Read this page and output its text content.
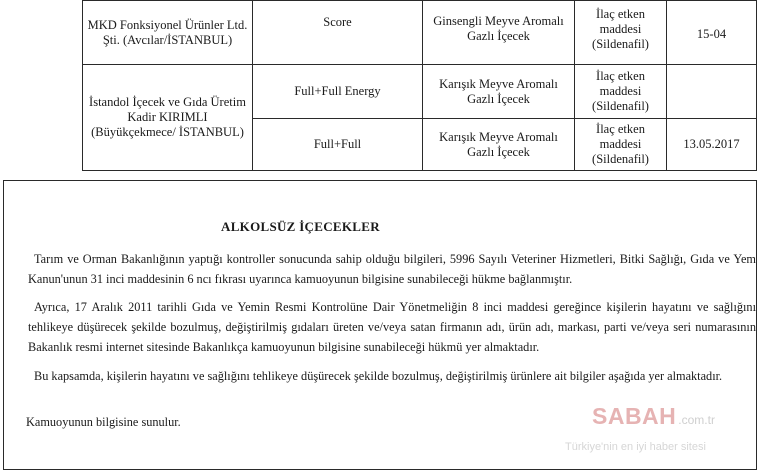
MKD Fonksiyonel Ürünler Ltd. Şti. (Avcılar/İSTANBUL)	Score	Ginsengli Meyve Aromalı Gazlı İçecek	İlaç etken maddesi (Sildenafil)	15-04
İstandol İçecek ve Gıda Üretim Kadir KIRIMLI (Büyükçekmece/ İSTANBUL)	Full+Full Energy	Karışık Meyve Aromalı Gazlı İçecek	İlaç etken maddesi (Sildenafil)	
	Full+Full	Karışık Meyve Aromalı Gazlı İçecek	İlaç etken maddesi (Sildenafil)	13.05.2017
ALKOLSÜZ İÇECEKLER
Tarım ve Orman Bakanlığının yaptığı kontroller sonucunda sahip olduğu bilgileri, 5996 Sayılı Veteriner Hizmetleri, Bitki Sağlığı, Gıda ve Yem Kanun'unun 31 inci maddesinin 6 ncı fıkrası uyarınca kamuoyunun bilgisine sunabileceği hükme bağlanmıştır.
Ayrıca, 17 Aralık 2011 tarihli Gıda ve Yemin Resmi Kontrolüne Dair Yönetmeliğin 8 inci maddesi gereğince kişilerin hayatını ve sağlığını tehlikeye düşürecek şekilde bozulmuş, değiştirilmiş gıdaları üreten ve/veya satan firmanın adı, ürün adı, markası, parti ve/veya seri numarasının Bakanlık resmi internet sitesinde Bakanlıkça kamuoyunun bilgisine sunabileceği hükmü yer almaktadır.
Bu kapsamda, kişilerin hayatını ve sağlığını tehlikeye düşürecek şekilde bozulmuş, değiştirilmiş ürünlere ait bilgiler aşağıda yer almaktadır.
Kamuoyunun bilgisine sunulur.	SABAH .com.tr
Türkiye'nin en iyi haber sitesi
